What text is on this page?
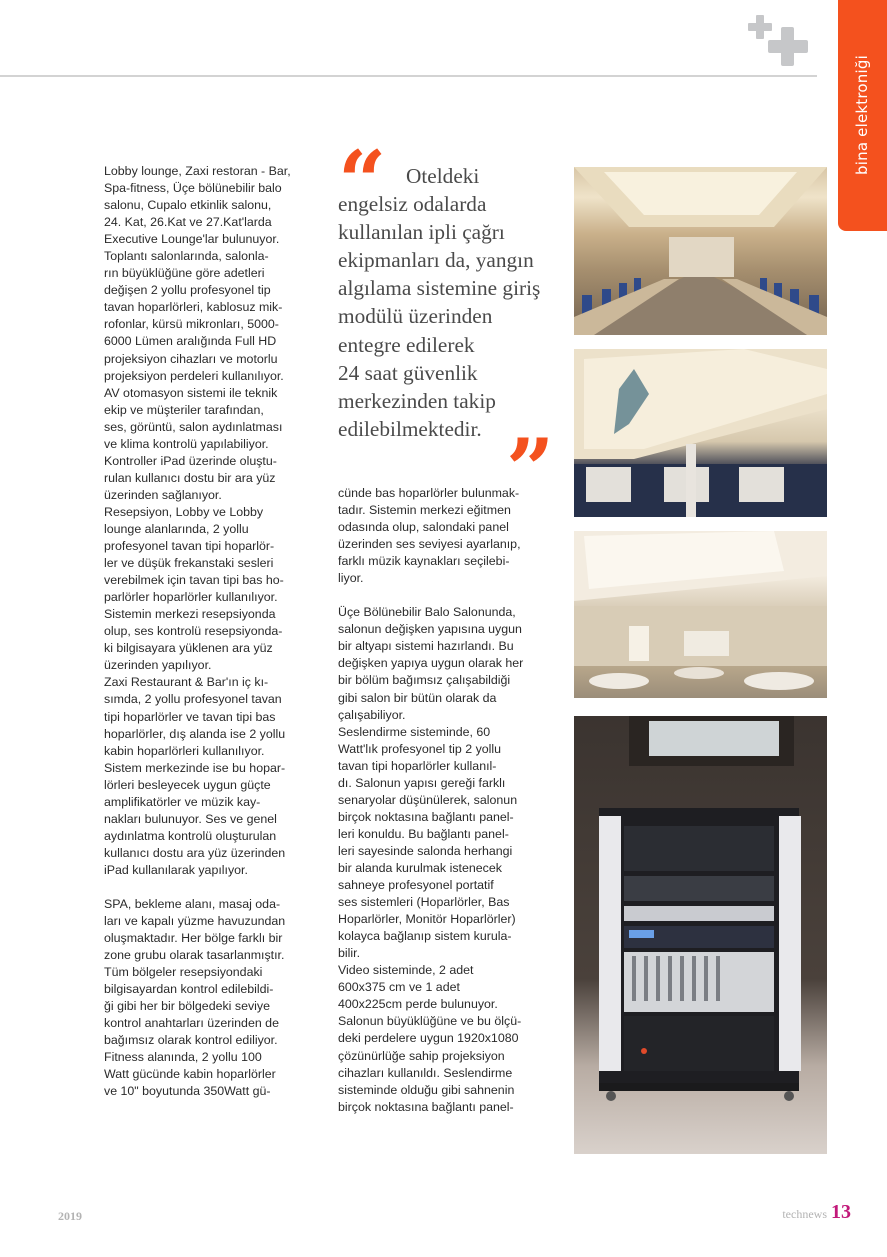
bina elektroniği

Lobby lounge, Zaxi restoran - Bar,
Spa-fitness, Üçe bölünebilir balo
salonu, Cupalo etkinlik salonu,
24. Kat, 26.Kat ve 27.Kat'larda
Executive Lounge'lar bulunuyor.

Toplantı salonlarında, salonla-
rın büyüklüğüne göre adetleri
değişen 2 yollu profesyonel tip
tavan hoparlörleri, kablosuz mik-
rofonlar, kürsü mikronları, 5000-
6000 Lümen aralığında Full HD
projeksiyon cihazları ve motorlu
projeksiyon perdeleri kullanılıyor.

AV otomasyon sistemi ile teknik
ekip ve müşteriler tarafından,
ses, görüntü, salon aydınlatması
ve klima kontrolü yapılabiliyor.
Kontroller iPad üzerinde oluştu-
rulan kullanıcı dostu bir ara yüz
üzerinden sağlanıyor.

Resepsiyon, Lobby ve Lobby
lounge alanlarında, 2 yollu
profesyonel tavan tipi hoparlör-
ler ve düşük frekanstaki sesleri
verebilmek için tavan tipi bas ho-
parlörler hoparlörler kullanılıyor.
Sistemin merkezi resepsiyonda
olup, ses kontrolü resepsiyonda-
ki bilgisayara yüklenen ara yüz
üzerinden yapılıyor.

Zaxi Restaurant & Bar'ın iç kı-
sımda, 2 yollu profesyonel tavan
tipi hoparlörler ve tavan tipi bas
hoparlörler, dış alanda ise 2 yollu
kabin hoparlörleri kullanılıyor.
Sistem merkezinde ise bu hopar-
lörleri besleyecek uygun güçte
amplifikatörler ve müzik kay-
nakları bulunuyor. Ses ve genel
aydınlatma kontrolü oluşturulan
kullanıcı dostu ara yüz üzerinden
iPad kullanılarak yapılıyor.

SPA, bekleme alanı, masaj oda-
ları ve kapalı yüzme havuzundan
oluşmaktadır. Her bölge farklı bir
zone grubu olarak tasarlanmıştır.
Tüm bölgeler resepsiyondaki
bilgisayardan kontrol edilebildi-
ği gibi her bir bölgedeki seviye
kontrol anahtarları üzerinden de
bağımsız olarak kontrol ediliyor.
Fitness alanında, 2 yollu 100
Watt gücünde kabin hoparlörler
ve 10" boyutunda 350Watt gü-

“	Oteldeki
engelsiz odalarda
kullanılan ipli çağrı
ekipmanları da, yangın
algılama sistemine giriş
modülü üzerinden
entegre edilerek
24 saat güvenlik
merkezinden takip
edilebilmektedir. ”

cünde bas hoparlörler bulunmak-
tadır. Sistemin merkezi eğitmen
odasında olup, salondaki panel
üzerinden ses seviyesi ayarlanıp,
farklı müzik kaynakları seçilebi-
liyor.

Üçe Bölünebilir Balo Salonunda,
salonun değişken yapısına uygun
bir altyapı sistemi hazırlandı. Bu
değişken yapıya uygun olarak her
bir bölüm bağımsız çalışabildiği
gibi salon bir bütün olarak da
çalışabiliyor.

Seslendirme sisteminde, 60
Watt'lık profesyonel tip 2 yollu
tavan tipi hoparlörler kullanıl-
dı. Salonun yapısı gereği farklı
senaryolar düşünülerek, salonun
birçok noktasına bağlantı panel-
leri konuldu. Bu bağlantı panel-
leri sayesinde salonda herhangi
bir alanda kurulmak istenecek
sahneye profesyonel portatif
ses sistemleri (Hoparlörler, Bas
Hoparlörler, Monitör Hoparlörler)
kolayca bağlanıp sistem kurula-
bilir.

Video sisteminde, 2 adet
600x375 cm ve 1 adet
400x225cm perde bulunuyor.
Salonun büyüklüğüne ve bu ölçü-
deki perdelere uygun 1920x1080
çözünürlüğe sahip projeksiyon
cihazları kullanıldı. Seslendirme
sisteminde olduğu gibi sahnenin
birçok noktasına bağlantı panel-

2019	technews 13
